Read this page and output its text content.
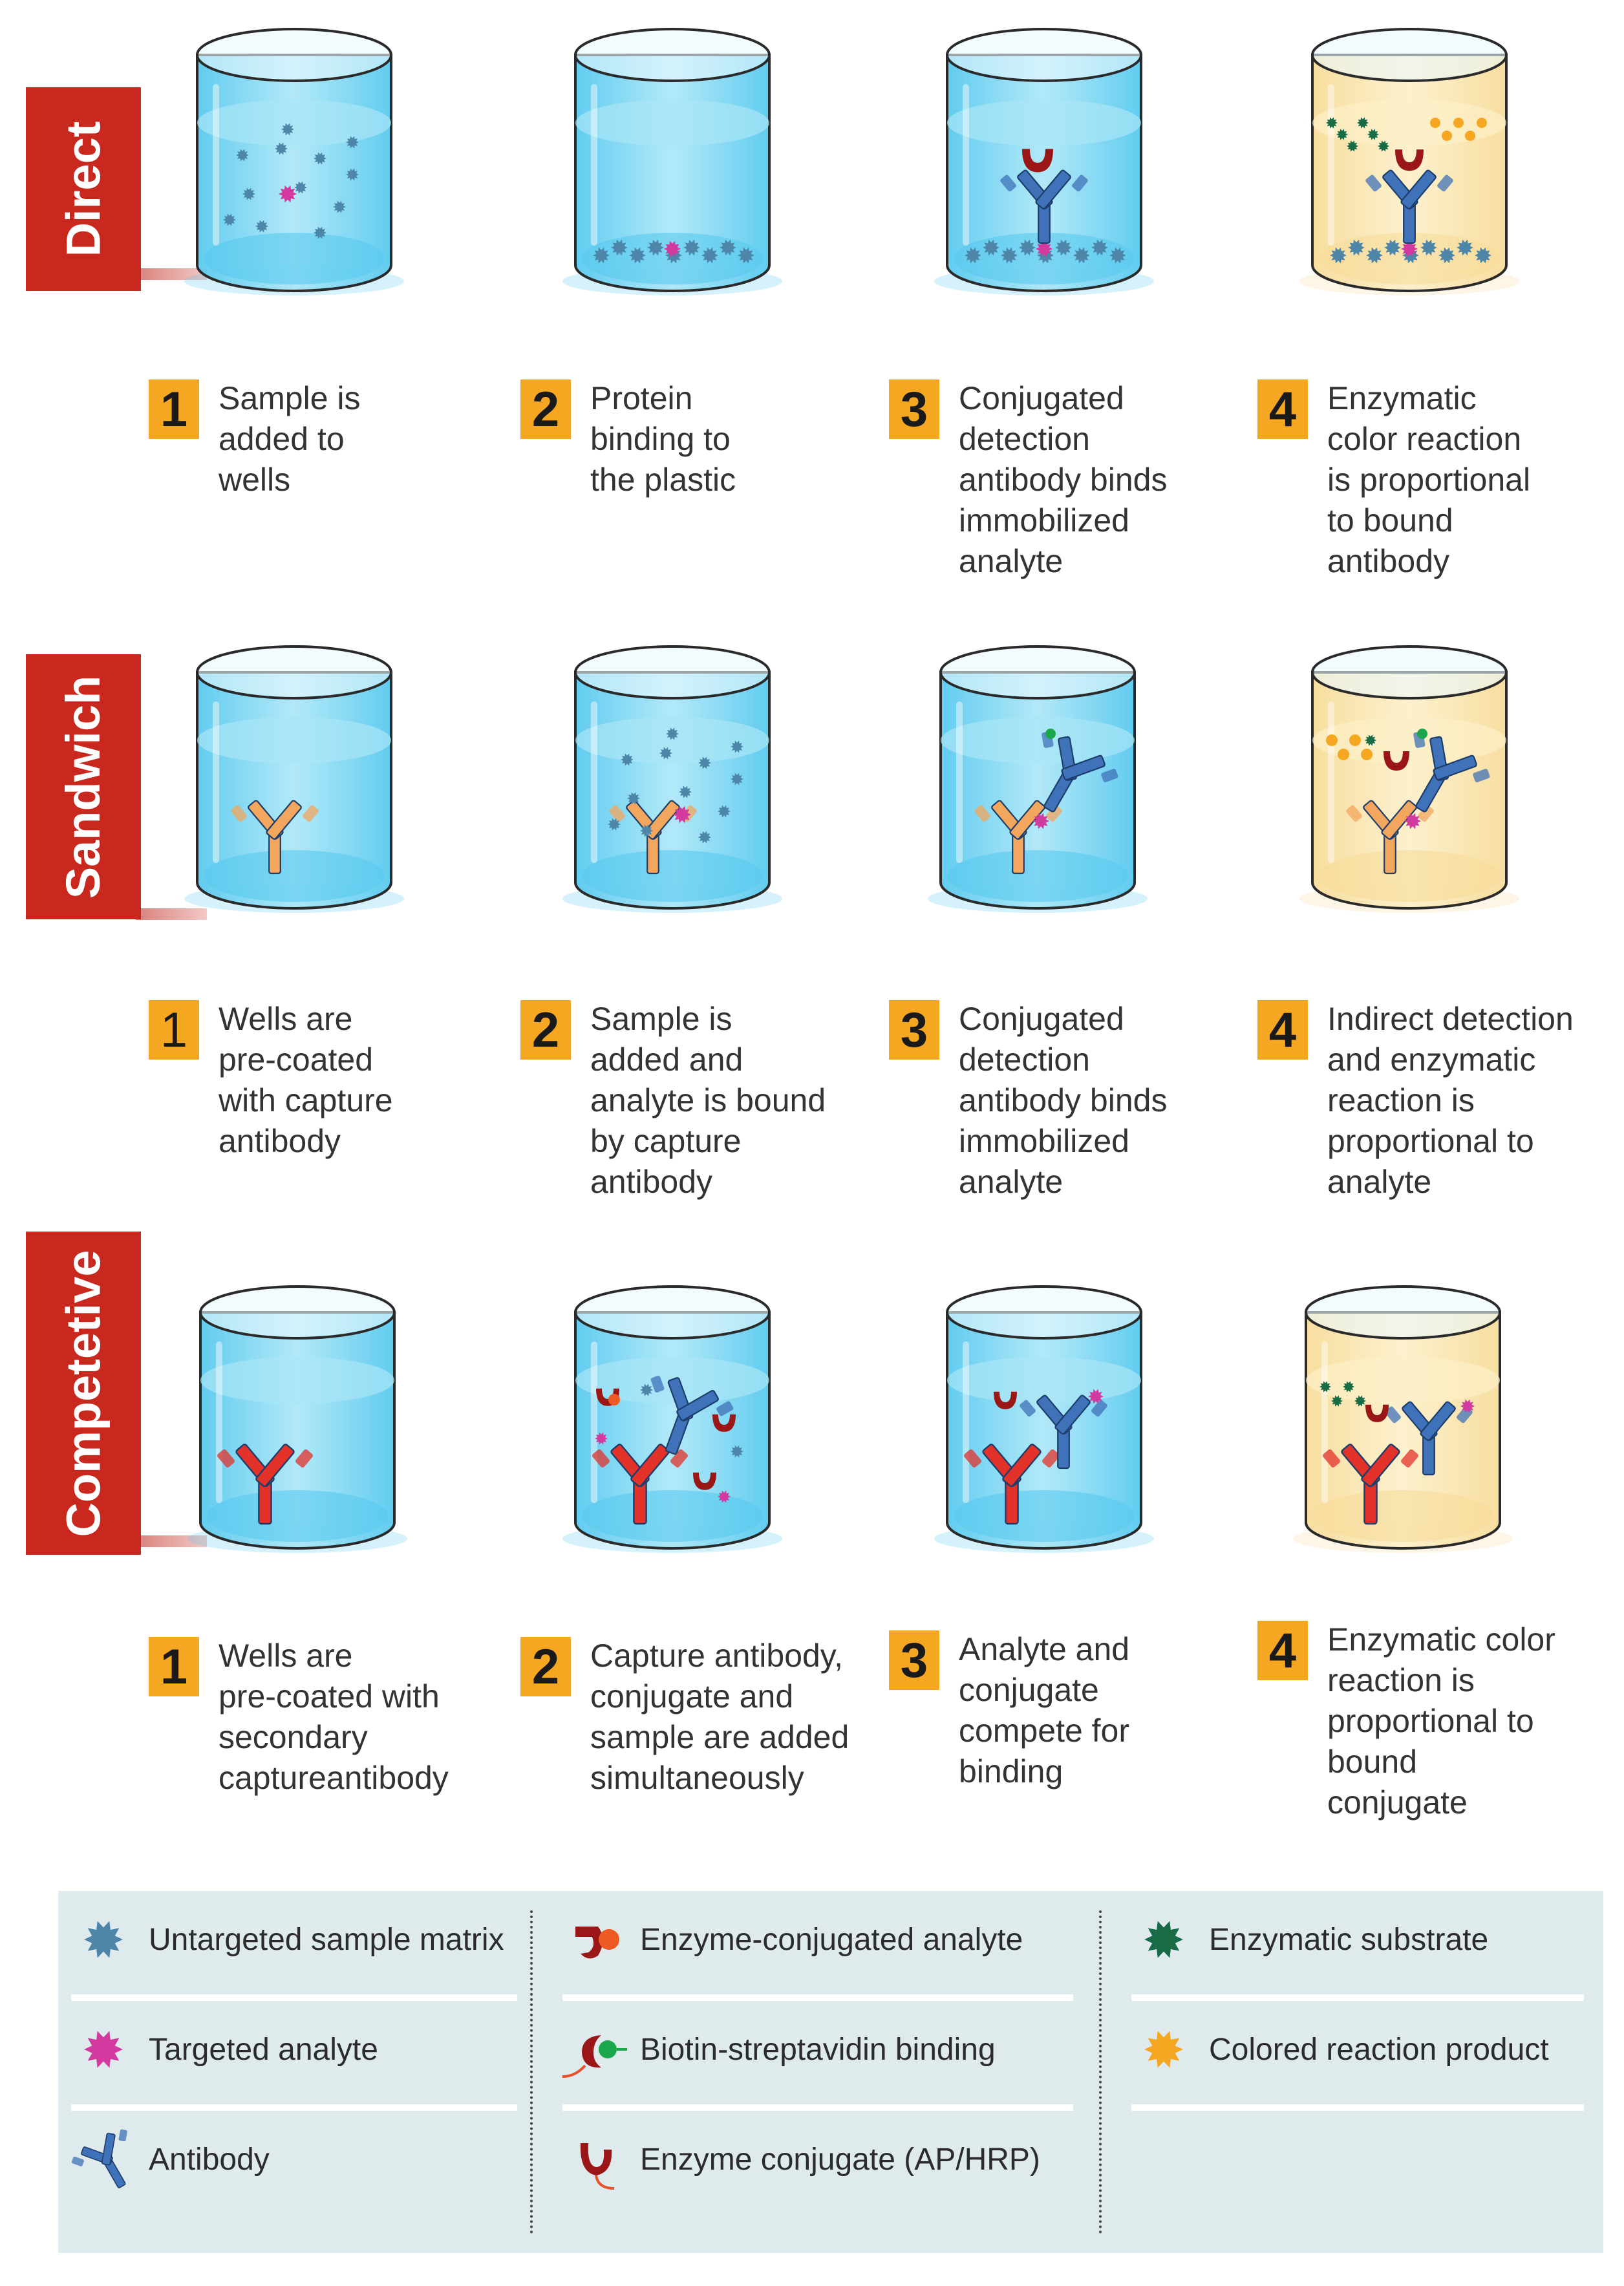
Direct
1 Sample is
added to
wells
2 Protein
binding to
the plastic
3 Conjugated
detection
antibody binds
immobilized
analyte
4 Enzymatic
color reaction
is proportional
to bound
antibody
Sandwich
1 Wells are
pre-coated
with capture
antibody
2 Sample is
added and
analyte is bound
by capture
antibody
3 Conjugated
detection
antibody binds
immobilized
analyte
4 Indirect detection
and enzymatic
reaction is
proportional to
analyte
Competetive
1 Wells are
pre-coated with
secondary
captureantibody
2 Capture antibody,
conjugate and
sample are added
simultaneously
3 Analyte and
conjugate
compete for
binding
4 Enzymatic color
reaction is
proportional to
bound
conjugate
Untargeted sample matrix
Targeted analyte
Antibody
Enzyme-conjugated analyte
Biotin-streptavidin binding
Enzyme conjugate (AP/HRP)
Enzymatic substrate
Colored reaction product
